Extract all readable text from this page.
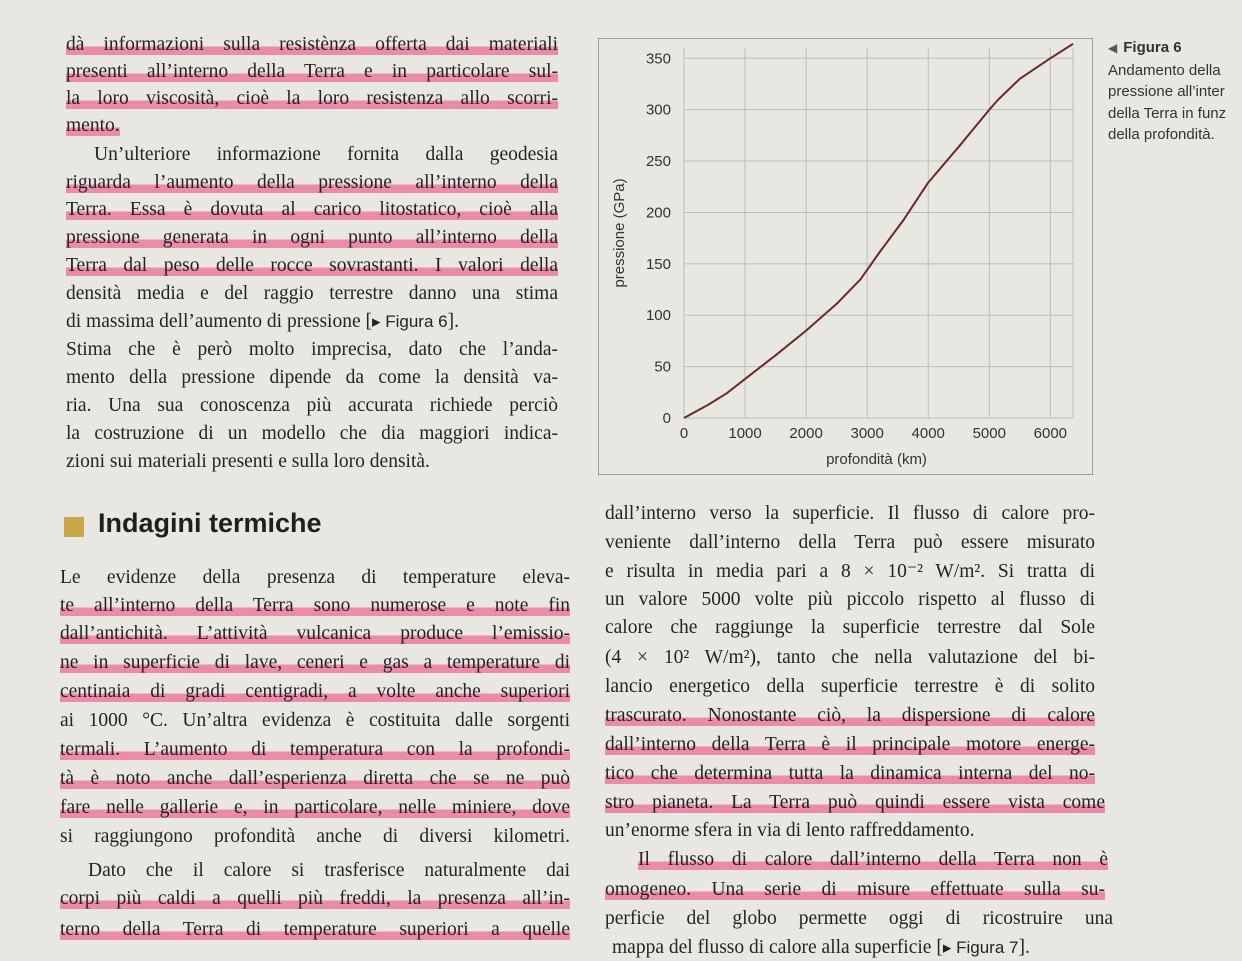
dà informazioni sulla resistènza offerta dai materiali
presenti all’interno della Terra e in particolare sul-
la loro viscosità, cioè la loro resistenza allo scorri-
mento.
Un’ulteriore informazione fornita dalla geodesia
riguarda l’aumento della pressione all’interno della
Terra. Essa è dovuta al carico litostatico, cioè alla
pressione generata in ogni punto all’interno della
Terra dal peso delle rocce sovrastanti. I valori della
densità media e del raggio terrestre danno una stima
di massima dell’aumento di pressione [▸ Figura 6].
Stima che è però molto imprecisa, dato che l’anda-
mento della pressione dipende da come la densità va-
ria. Una sua conoscenza più accurata richiede perciò
la costruzione di un modello che dia maggiori indica-
zioni sui materiali presenti e sulla loro densità.
◀ Figura 6
Andamento della
pressione all’inter
della Terra in funz
della profondità.
0
50
100
150
200
250
300
350
0	1000 2000 3000 4000 5000 6000
pressione (GPa)
profondità (km)
Indagini termiche
Le evidenze della presenza di temperature eleva-
te all’interno della Terra sono numerose e note fin
dall’antichità. L’attività vulcanica produce l’emissio-
ne in superficie di lave, ceneri e gas a temperature di
centinaia di gradi centigradi, a volte anche superiori
ai 1000 °C. Un’altra evidenza è costituita dalle sorgenti
termali. L’aumento di temperatura con la profondi-
tà è noto anche dall’esperienza diretta che se ne può
fare nelle gallerie e, in particolare, nelle miniere, dove
si raggiungono profondità anche di diversi kilometri.
Dato che il calore si trasferisce naturalmente dai
corpi più caldi a quelli più freddi, la presenza all’in-
terno della Terra di temperature superiori a quelle
dall’interno verso la superficie. Il flusso di calore pro-
veniente dall’interno della Terra può essere misurato
e risulta in media pari a 8 × 10⁻² W/m². Si tratta di
un valore 5000 volte più piccolo rispetto al flusso di
calore che raggiunge la superficie terrestre dal Sole
(4 × 10² W/m²), tanto che nella valutazione del bi-
lancio energetico della superficie terrestre è di solito
trascurato. Nonostante ciò, la dispersione di calore
dall’interno della Terra è il principale motore energe-
tico che determina tutta la dinamica interna del no-
stro pianeta. La Terra può quindi essere vista come
un’enorme sfera in via di lento raffreddamento.
Il flusso di calore dall’interno della Terra non è
omogeneo. Una serie di misure effettuate sulla su-
perficie del globo permette oggi di ricostruire una
mappa del flusso di calore alla superficie [▸ Figura 7].
